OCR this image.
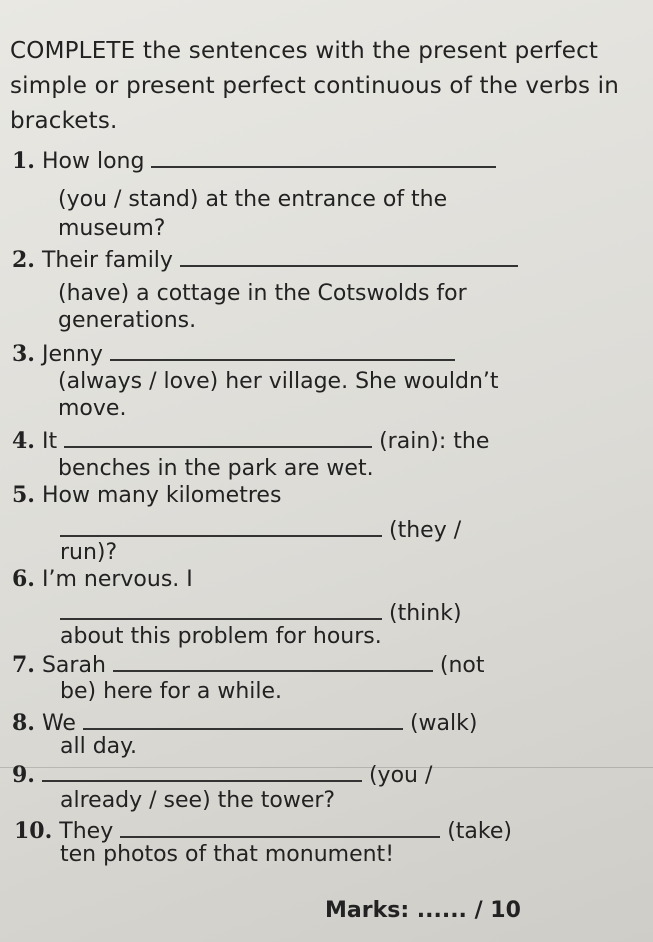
COMPLETE the sentences with the present perfect simple or present perfect continuous of the verbs in brackets.
1. How long
(you / stand) at the entrance of the
museum?
2. Their family
(have) a cottage in the Cotswolds for
generations.
3. Jenny
(always / love) her village. She wouldn’t
move.
4. It	(rain): the
benches in the park are wet.
5. How many kilometres
(they /
run)?
6. I’m nervous. I
(think)
about this problem for hours.
7. Sarah	(not
be) here for a while.
8. We	(walk)
all day.
9.	(you /
already / see) the tower?
10. They	(take)
ten photos of that monument!
Marks: ...... / 10
